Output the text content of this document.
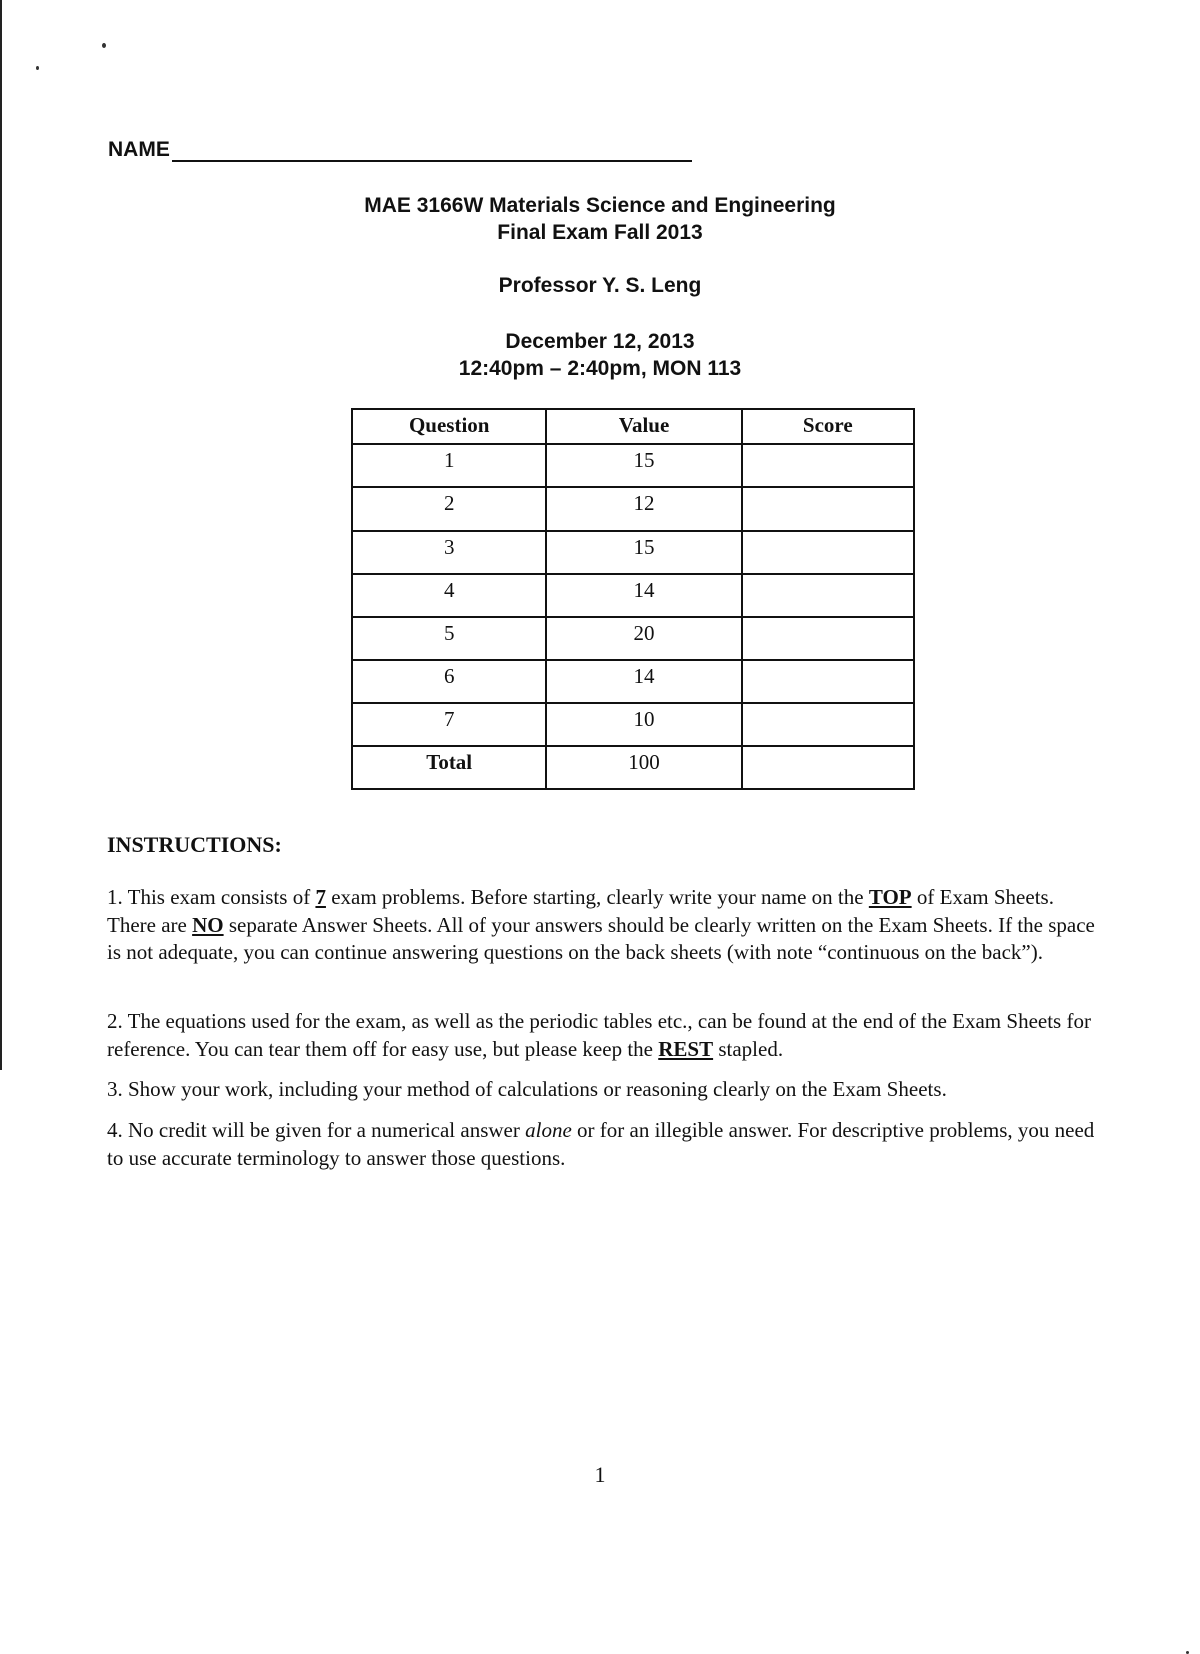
NAME
MAE 3166W Materials Science and Engineering
Final Exam Fall 2013
Professor Y. S. Leng
December 12, 2013
12:40pm – 2:40pm, MON 113
Question	Value	Score
1	15	
2	12	
3	15	
4	14	
5	20	
6	14	
7	10	
Total	100	
INSTRUCTIONS:
1. This exam consists of 7 exam problems. Before starting, clearly write your name on the TOP of Exam Sheets. There are NO separate Answer Sheets. All of your answers should be clearly written on the Exam Sheets. If the space is not adequate, you can continue answering questions on the back sheets (with note “continuous on the back”).
2. The equations used for the exam, as well as the periodic tables etc., can be found at the end of the Exam Sheets for reference. You can tear them off for easy use, but please keep the REST stapled.
3. Show your work, including your method of calculations or reasoning clearly on the Exam Sheets.
4. No credit will be given for a numerical answer alone or for an illegible answer. For descriptive problems, you need to use accurate terminology to answer those questions.
1
